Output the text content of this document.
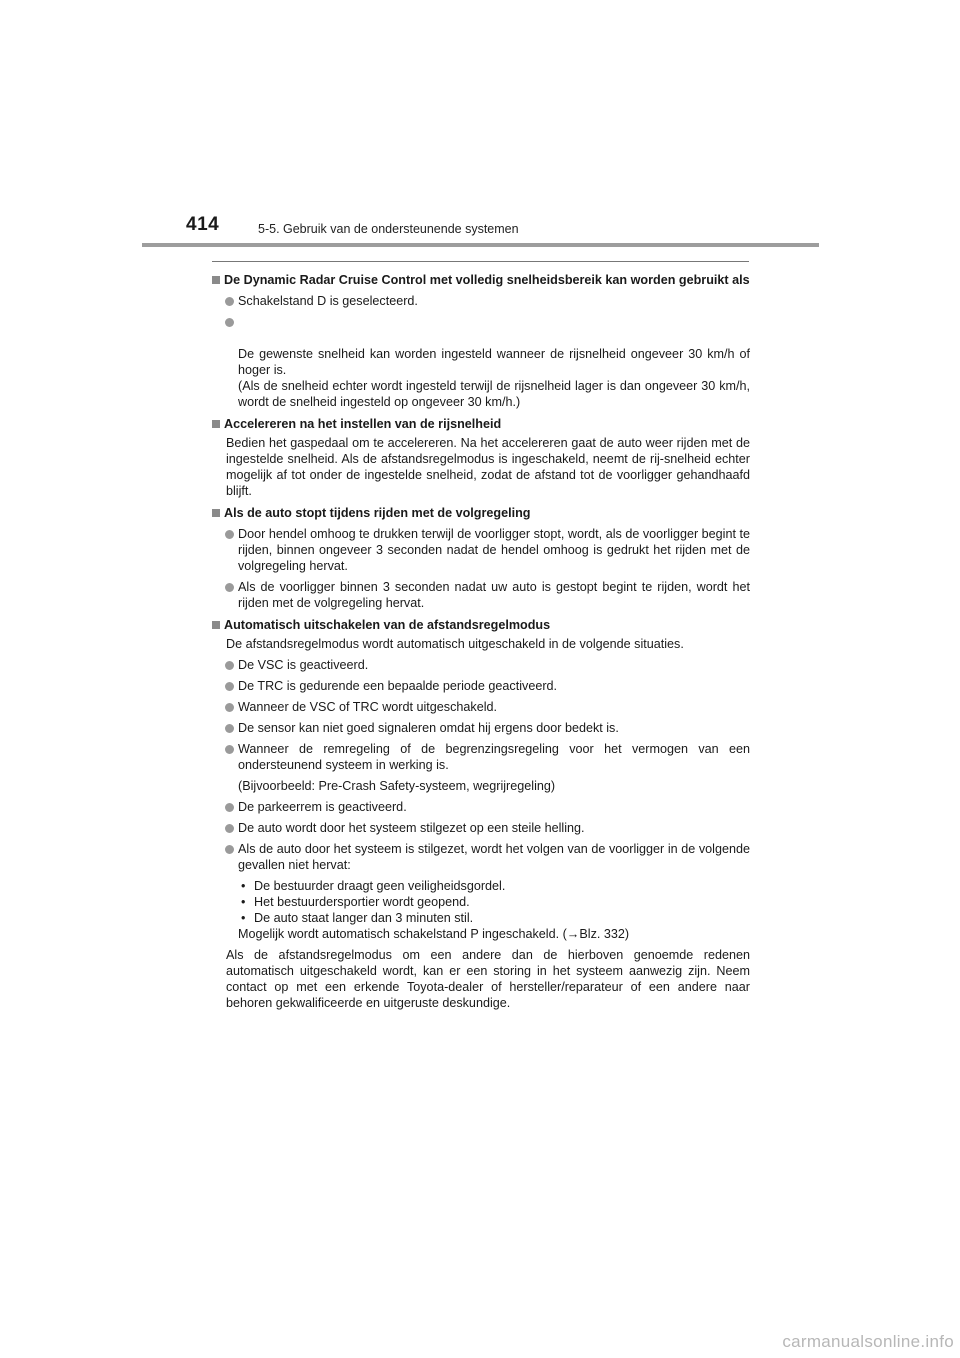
414	5-5. Gebruik van de ondersteunende systemen
De Dynamic Radar Cruise Control met volledig snelheidsbereik kan worden gebruikt als
Schakelstand D is geselecteerd.

De gewenste snelheid kan worden ingesteld wanneer de rijsnelheid ongeveer 30 km/h of hoger is.
(Als de snelheid echter wordt ingesteld terwijl de rijsnelheid lager is dan ongeveer 30 km/h, wordt de snelheid ingesteld op ongeveer 30 km/h.)

Accelereren na het instellen van de rijsnelheid
Bedien het gaspedaal om te accelereren. Na het accelereren gaat de auto weer rijden met de ingestelde snelheid. Als de afstandsregelmodus is ingeschakeld, neemt de rij-snelheid echter mogelijk af tot onder de ingestelde snelheid, zodat de afstand tot de voorligger gehandhaafd blijft.
Als de auto stopt tijdens rijden met de volgregeling
Door hendel omhoog te drukken terwijl de voorligger stopt, wordt, als de voorligger begint te rijden, binnen ongeveer 3 seconden nadat de hendel omhoog is gedrukt het rijden met de volgregeling hervat.
Als de voorligger binnen 3 seconden nadat uw auto is gestopt begint te rijden, wordt het rijden met de volgregeling hervat.
Automatisch uitschakelen van de afstandsregelmodus
De afstandsregelmodus wordt automatisch uitgeschakeld in de volgende situaties.
De VSC is geactiveerd.
De TRC is gedurende een bepaalde periode geactiveerd.
Wanneer de VSC of TRC wordt uitgeschakeld.
De sensor kan niet goed signaleren omdat hij ergens door bedekt is.
Wanneer de remregeling of de begrenzingsregeling voor het vermogen van een ondersteunend systeem in werking is.
(Bijvoorbeeld: Pre-Crash Safety-systeem, wegrijregeling)
De parkeerrem is geactiveerd.
De auto wordt door het systeem stilgezet op een steile helling.
Als de auto door het systeem is stilgezet, wordt het volgen van de voorligger in de volgende gevallen niet hervat:
• De bestuurder draagt geen veiligheidsgordel.
• Het bestuurdersportier wordt geopend.
• De auto staat langer dan 3 minuten stil.
Mogelijk wordt automatisch schakelstand P ingeschakeld. (→Blz. 332)
Als de afstandsregelmodus om een andere dan de hierboven genoemde redenen automatisch uitgeschakeld wordt, kan er een storing in het systeem aanwezig zijn. Neem contact op met een erkende Toyota-dealer of hersteller/reparateur of een andere naar behoren gekwalificeerde en uitgeruste deskundige.
carmanualsonline.info
